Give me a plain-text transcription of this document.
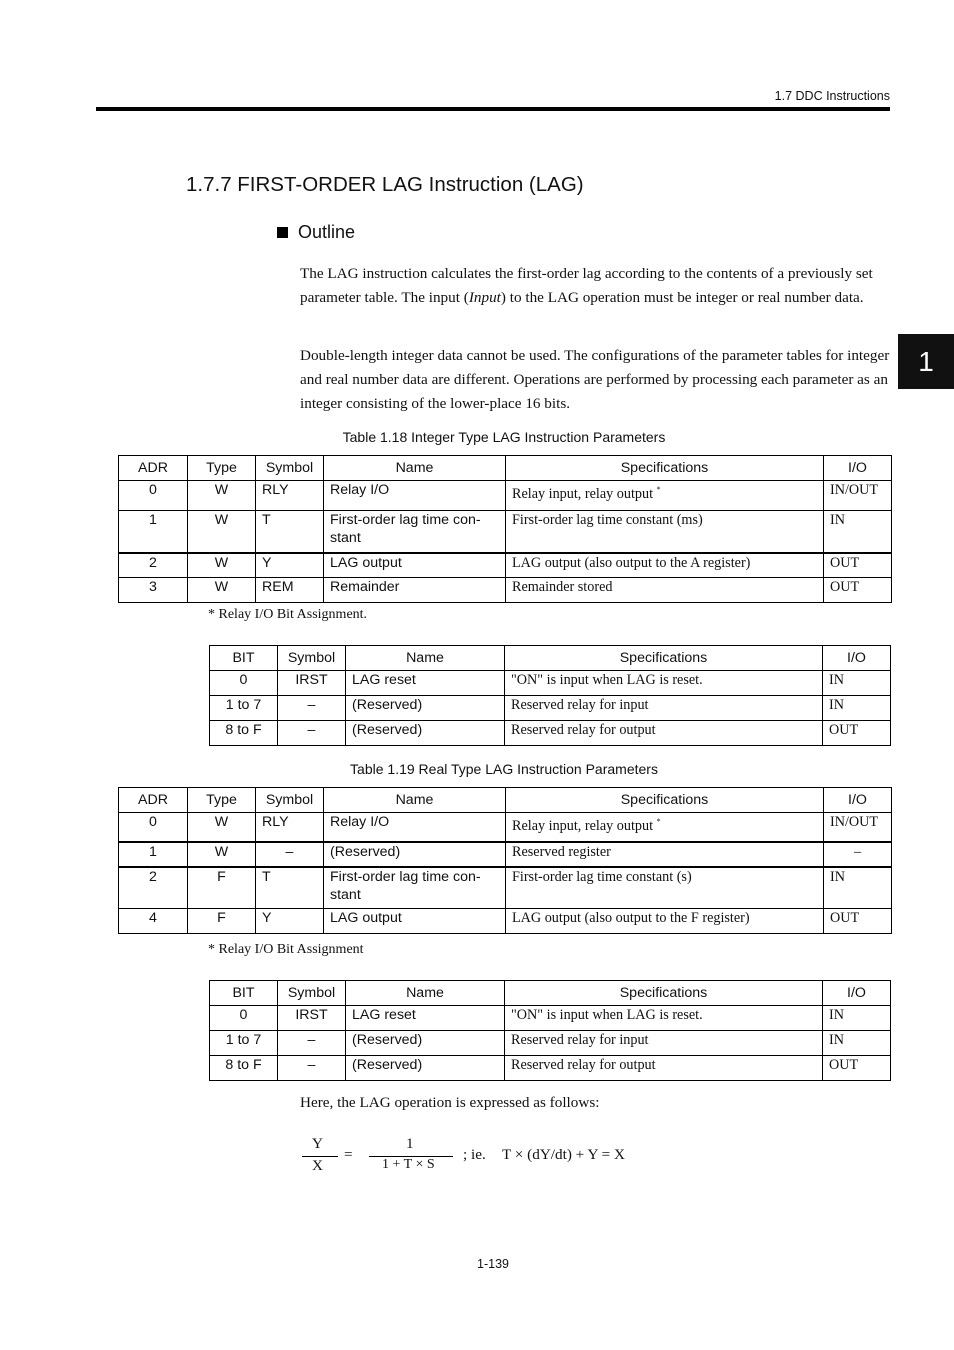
1.7 DDC Instructions
1
1.7.7 FIRST-ORDER LAG Instruction (LAG)
Outline
The LAG instruction calculates the first-order lag according to the contents of a previously set parameter table. The input (Input) to the LAG operation must be integer or real number data.
Double-length integer data cannot be used. The configurations of the parameter tables for integer and real number data are different. Operations are performed by processing each parameter as an integer consisting of the lower-place 16 bits.
Table 1.18 Integer Type LAG Instruction Parameters
ADR	Type	Symbol	Name	Specifications	I/O
0	W	RLY	Relay I/O	Relay input, relay output *	IN/OUT
1	W	T	First-order lag time con-stant	First-order lag time constant (ms)	IN
2	W	Y	LAG output	LAG output (also output to the A register)	OUT
3	W	REM	Remainder	Remainder stored	OUT
* Relay I/O Bit Assignment.
BIT	Symbol	Name	Specifications	I/O
0	IRST	LAG reset	"ON" is input when LAG is reset.	IN
1 to 7	–	(Reserved)	Reserved relay for input	IN
8 to F	–	(Reserved)	Reserved relay for output	OUT
Table 1.19 Real Type LAG Instruction Parameters
ADR	Type	Symbol	Name	Specifications	I/O
0	W	RLY	Relay I/O	Relay input, relay output *	IN/OUT
1	W	–	(Reserved)	Reserved register	–
2	F	T	First-order lag time con-stant	First-order lag time constant (s)	IN
4	F	Y	LAG output	LAG output (also output to the F register)	OUT
* Relay I/O Bit Assignment
BIT	Symbol	Name	Specifications	I/O
0	IRST	LAG reset	"ON" is input when LAG is reset.	IN
1 to 7	–	(Reserved)	Reserved relay for input	IN
8 to F	–	(Reserved)	Reserved relay for output	OUT
Here, the LAG operation is expressed as follows:
Y
X
=
1
1 + T × S
; ie. T × (dY/dt) + Y = X
1-139
